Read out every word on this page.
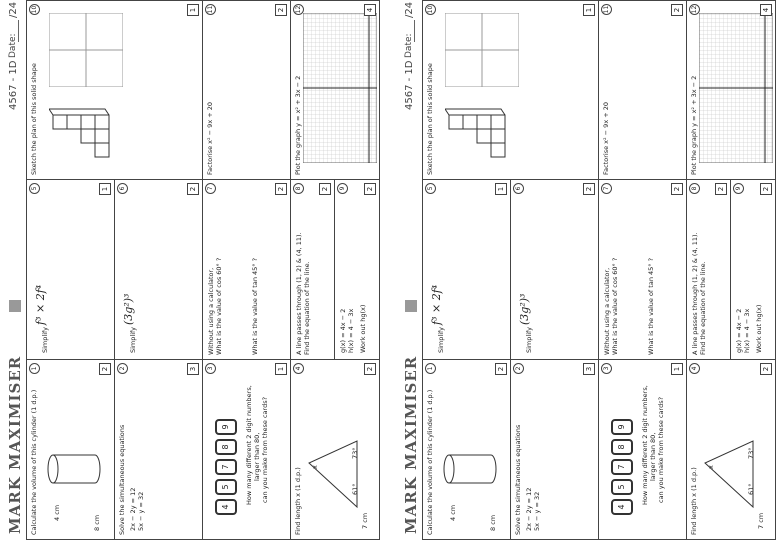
MARK MAXIMISER
4567 - 1D
Date:
/24
1
Calculate the volume of this cylinder (1 d.p.) 4 cm
8 cm
2	2
Solve the simultaneous equations 2x − 2y = 12 5x − y = 32
3	3
4
5
7
8
9	How many different 2 digit numbers, larger than 80, can you make from these cards?
1	4
Find length x (1 d.p.)	7 cm
61°
73°
x
2
5
Simplify
f³ × 2f⁴
1	6
Simplify
(3g²)³
2	7
Without using a calculator, What is the value of cos 60° ?	What is the value of tan 45° ?
2	8
A line passes through (1, 2) & (4, 11). Find the equation of the line.
2	9
g(x) = 4x − 2 h(x) = 4 − 3x Work out hg(x)
2
10
Sketch the plan of this solid shape
1	11
Factorise x² − 9x + 20
2	12
Plot the graph y = x² + 3x − 2
4
MARK MAXIMISER
4567 - 1D
Date:
/24
1
Calculate the volume of this cylinder (1 d.p.) 4 cm
8 cm
2	2
Solve the simultaneous equations 2x − 2y = 12 5x − y = 32
3	3
4
5
7
8
9	How many different 2 digit numbers, larger than 80, can you make from these cards?
1	4
Find length x (1 d.p.)	7 cm
61°
73°
x
2
5
Simplify
f³ × 2f⁴
1	6
Simplify
(3g²)³
2	7
Without using a calculator, What is the value of cos 60° ?	What is the value of tan 45° ?
2	8
A line passes through (1, 2) & (4, 11). Find the equation of the line.
2	9
g(x) = 4x − 2 h(x) = 4 − 3x Work out hg(x)
2
10
Sketch the plan of this solid shape
1	11
Factorise x² − 9x + 20
2	12
Plot the graph y = x² + 3x − 2
4
